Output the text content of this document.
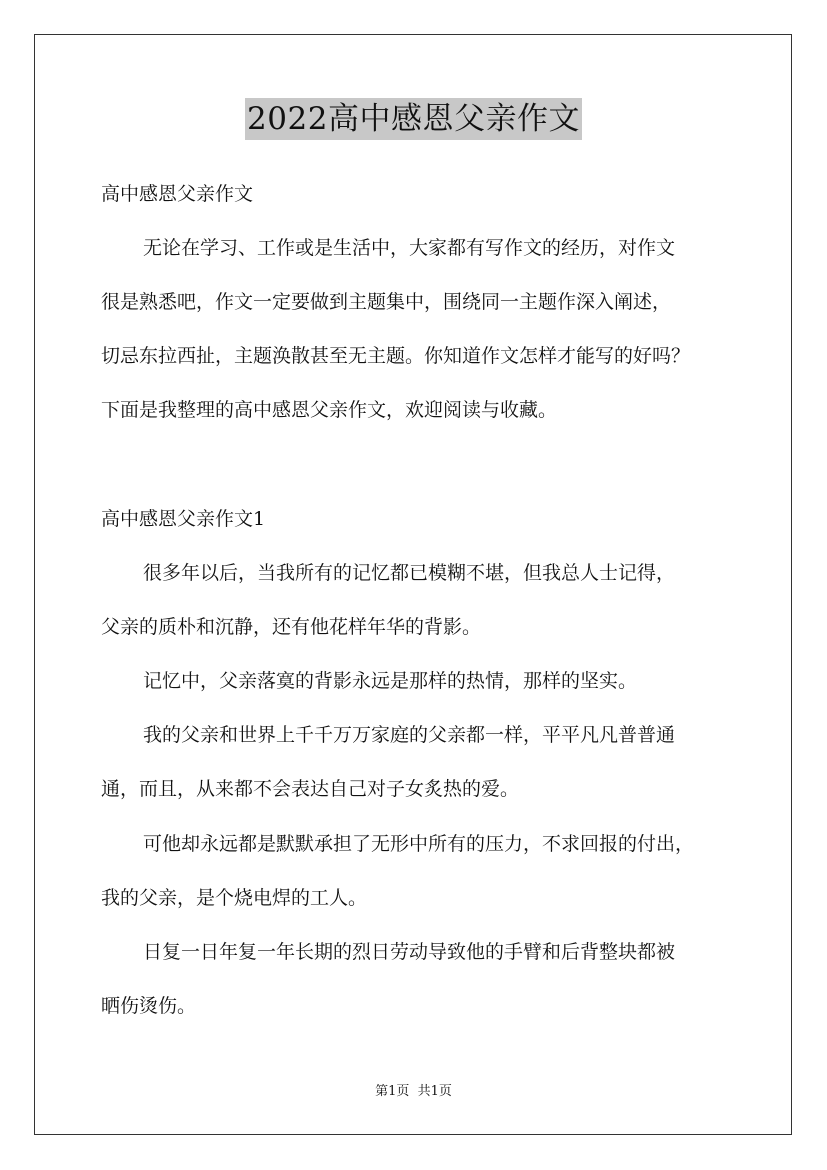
2022高中感恩父亲作文
高中感恩父亲作文
无论在学习、工作或是生活中，大家都有写作文的经历，对作文
很是熟悉吧，作文一定要做到主题集中，围绕同一主题作深入阐述，
切忌东拉西扯，主题涣散甚至无主题。你知道作文怎样才能写的好吗？
下面是我整理的高中感恩父亲作文，欢迎阅读与收藏。
高中感恩父亲作文1
很多年以后，当我所有的记忆都已模糊不堪，但我总人士记得，
父亲的质朴和沉静，还有他花样年华的背影。
记忆中，父亲落寞的背影永远是那样的热情，那样的坚实。
我的父亲和世界上千千万万家庭的父亲都一样，平平凡凡普普通
通，而且，从来都不会表达自己对子女炙热的爱。
可他却永远都是默默承担了无形中所有的压力，不求回报的付出，
我的父亲，是个烧电焊的工人。
日复一日年复一年长期的烈日劳动导致他的手臂和后背整块都被
晒伤烫伤。
第1页  共1页
